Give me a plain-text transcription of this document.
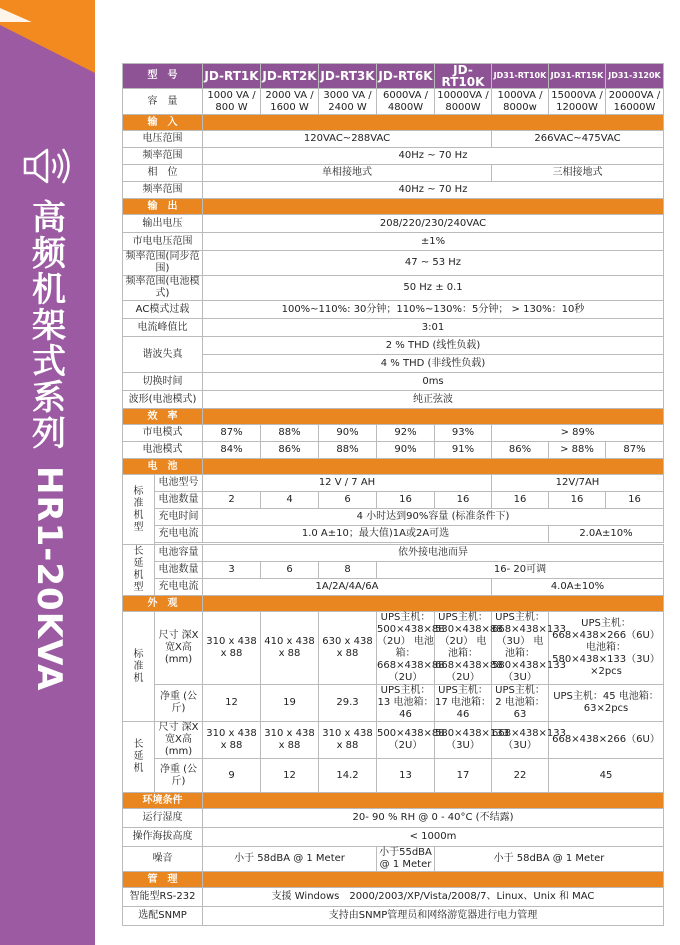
高频机架式系列
HR1-20KVA
型　号		JD-RT1K	JD-RT2K	JD-RT3K	JD-RT6K	JD-RT10K	JD31-RT10K	JD31-RT15K	JD31-3120K
容　量		1000 VA / 800 W	2000 VA / 1600 W	3000 VA / 2400 W	6000VA / 4800W	10000VA / 8000W	1000VA / 8000w	15000VA / 12000W	20000VA / 16000W
输　入									
电压范围		120VAC~288VAC					266VAC~475VAC		
频率范围		40Hz ~ 70 Hz							
相　位		单相接地式					三相接地式		
频率范围		40Hz ~ 70 Hz							
输　出									
输出电压		208/220/230/240VAC							
市电电压范围		±1%							
频率范围(同步范围)		47 ~ 53 Hz							
频率范围(电池模式)		50 Hz ± 0.1							
AC模式过载		100%~110%: 30分钟；110%~130%：5分钟； > 130%：10秒							
电流峰值比		3:01							
谐波失真		2 % THD (线性负载)							
		4 % THD (非线性负载)							
切换时间		0ms							
波形(电池模式)		纯正弦波							
效　率									
市电模式		87%	88%	90%	92%	93%	> 89%		
电池模式		84%	86%	88%	90%	91%	86%	> 88%	87%
电　池									
标准机型	电池型号	12 V / 7 AH					12V/7AH		
	电池数量	2	4	6	16	16	16	16	16
	充电时间	4 小时达到90%容量 (标准条件下)							
	充电电流	1.0 A±10；最大值)1A或2A可选						2.0A±10%	

长延机型	电池容量	依外接电池而异							
	电池数量	3	6	8	16- 20可调				
	充电电流	1A/2A/4A/6A					4.0A±10%		
外　观									
标准机	尺寸 深X宽X高 (mm)	310 x 438 x 88	410 x 438 x 88	630 x 438 x 88	UPS主机： 500×438×88 （2U） 电池箱： 668×438×88 （2U）	UPS主机： 530×438×88 （2U） 电池箱： 668×438×88 （2U）	UPS主机： 668×438×133 （3U） 电池箱： 580×438×133 （3U）	UPS主机： 668×438×266（6U） 电池箱： 580×438×133（3U）×2pcs	
	净重 (公斤)	12	19	29.3	UPS主机：13 电池箱：46	UPS主机：17 电池箱：46	UPS主机：2 电池箱：63	UPS主机：45 电池箱：63×2pcs	
长延机	尺寸 深X宽X高 (mm)	310 x 438 x 88	310 x 438 x 88	310 x 438 x 88	500×438×88 （2U）	580×438×133 （3U）	668×438×133 （3U）	668×438×266（6U）	
	净重 (公斤)	9	12	14.2	13	17	22	45	
环境条件									
运行湿度		20- 90 % RH @ 0 - 40°C (不结露)							
操作海拔高度		< 1000m							
噪音		小于 58dBA @ 1 Meter			小于55dBA @ 1 Meter	小于 58dBA @ 1 Meter			
管　理									
智能型RS-232		支援 Windows　2000/2003/XP/Vista/2008/7、Linux、Unix 和 MAC							
选配SNMP		支持由SNMP管理员和网络游览器进行电力管理							
